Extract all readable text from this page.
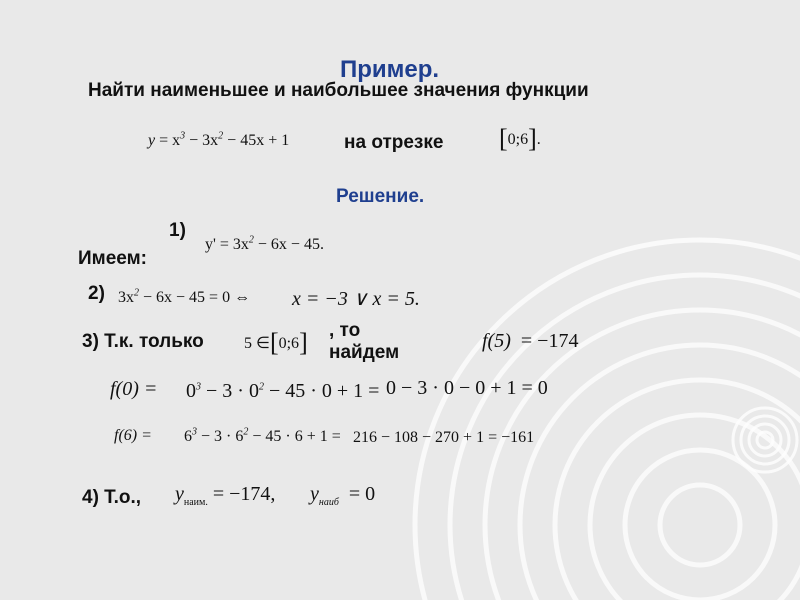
Пример.
Найти наименьшее и наибольшее значения функции
$y = x^3 - 3x^2 - 45x + 1$	на отрезке [0;6].
Решение.
1)
Имеем:
$y' = 3x^2 - 6x - 45$.
2) $3x^2 - 6x - 45 = 0$ ⇔ x = −3 ∨ x = 5.
3) Т.к. только	5 ∈[0;6] , то
найдем
f(5) = −174
$f(0) = 0^3 - 3 \cdot 0^2 - 45 \cdot 0 + 1 = 0 - 3 \cdot 0 - 0 + 1 = 0$
$f(6) = 6^3 - 3 \cdot 6^2 - 45 \cdot 6 + 1 = 216 - 108 - 270 + 1 = -161$
4) Т.о., $y_{наим.} = -174$, $y_{наиб} = 0$
